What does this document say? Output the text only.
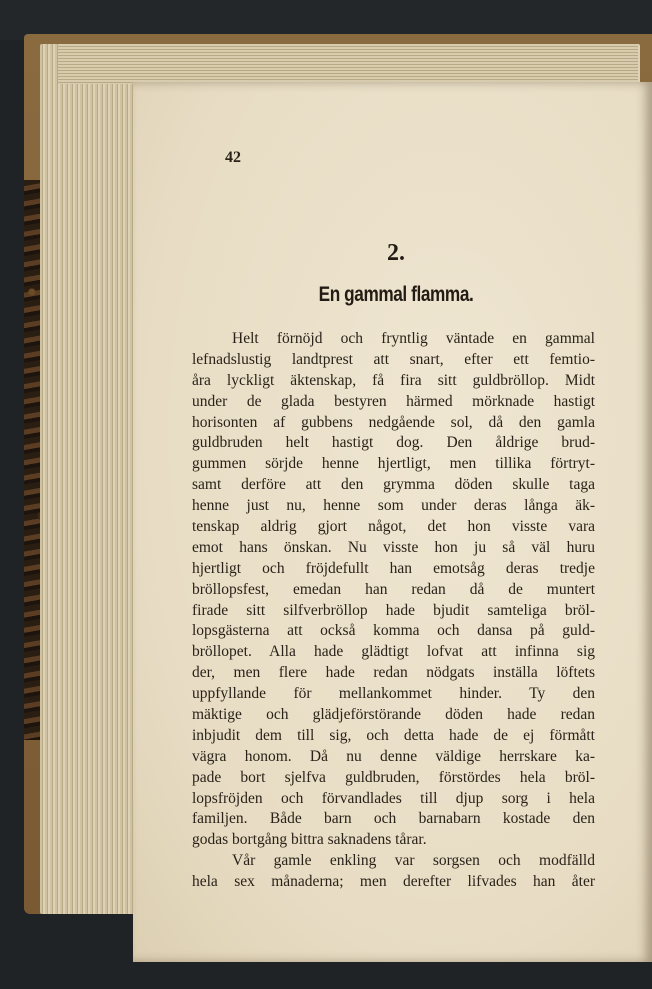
42
2.
En gammal flamma.
Helt förnöjd och fryntlig väntade en gammal
lefnadslustig landtprest att snart, efter ett femtio-
åra lyckligt äktenskap, få fira sitt guldbröllop. Midt
under de glada bestyren härmed mörknade hastigt
horisonten af gubbens nedgående sol, då den gamla
guldbruden helt hastigt dog. Den åldrige brud-
gummen sörjde henne hjertligt, men tillika förtryt-
samt derföre att den grymma döden skulle taga
henne just nu, henne som under deras långa äk-
tenskap aldrig gjort något, det hon visste vara
emot hans önskan. Nu visste hon ju så väl huru
hjertligt och fröjdefullt han emotsåg deras tredje
bröllopsfest, emedan han redan då de muntert
firade sitt silfverbröllop hade bjudit samteliga bröl-
lopsgästerna att också komma och dansa på guld-
bröllopet. Alla hade glädtigt lofvat att infinna sig
der, men flere hade redan nödgats inställa löftets
uppfyllande för mellankommet hinder. Ty den
mäktige och glädjeförstörande döden hade redan
inbjudit dem till sig, och detta hade de ej förmått
vägra honom. Då nu denne väldige herrskare ka-
pade bort sjelfva guldbruden, förstördes hela bröl-
lopsfröjden och förvandlades till djup sorg i hela
familjen. Både barn och barnabarn kostade den
godas bortgång bittra saknadens tårar.
Vår gamle enkling var sorgsen och modfälld
hela sex månaderna; men derefter lifvades han åter
